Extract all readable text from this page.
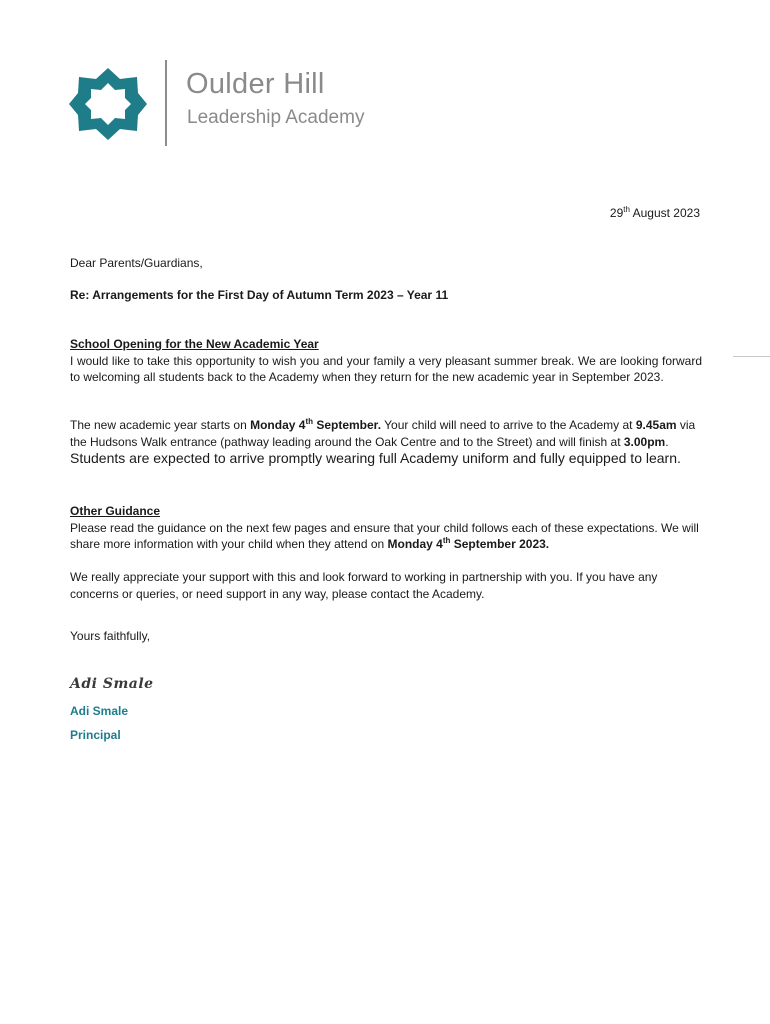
Oulder Hill
Leadership Academy
29th August 2023
Dear Parents/Guardians,
Re: Arrangements for the First Day of Autumn Term 2023 – Year 11
School Opening for the New Academic Year
I would like to take this opportunity to wish you and your family a very pleasant summer break. We are looking forward to welcoming all students back to the Academy when they return for the new academic year in September 2023.
The new academic year starts on Monday 4th September. Your child will need to arrive to the Academy at 9.45am via the Hudsons Walk entrance (pathway leading around the Oak Centre and to the Street) and will finish at 3.00pm. Students are expected to arrive promptly wearing full Academy uniform and fully equipped to learn.
Other Guidance
Please read the guidance on the next few pages and ensure that your child follows each of these expectations. We will share more information with your child when they attend on Monday 4th September 2023.
We really appreciate your support with this and look forward to working in partnership with you. If you have any concerns or queries, or need support in any way, please contact the Academy.
Yours faithfully,
Adi Smale
Adi Smale
Principal
